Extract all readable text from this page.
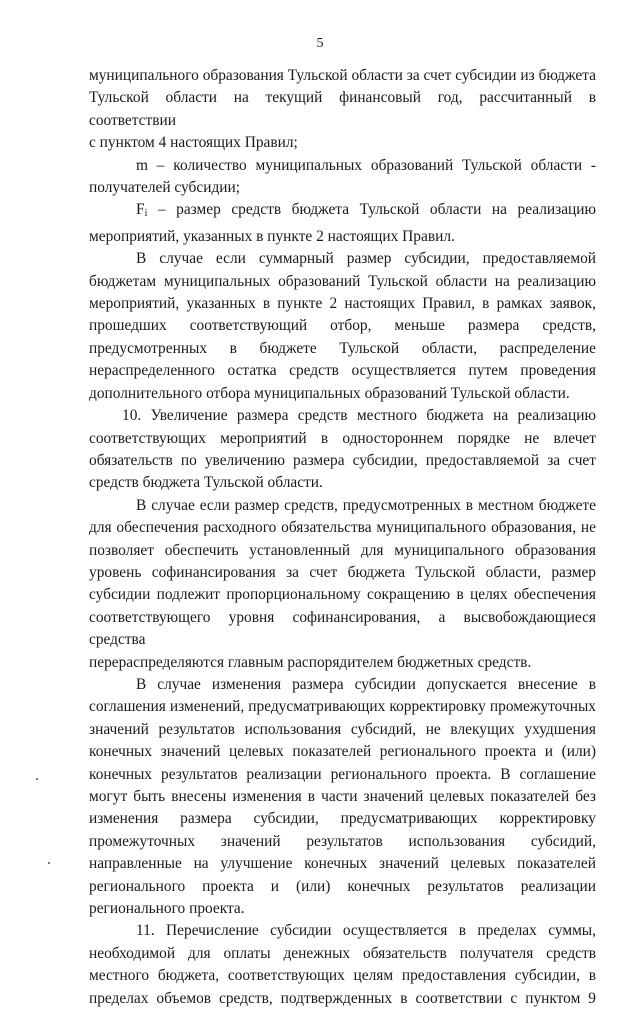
5

муниципального образования Тульской области за счет субсидии из бюджета

Тульской области на текущий финансовый год, рассчитанный в соответствии

с пунктом 4 настоящих Правил;

m – количество муниципальных образований Тульской области -

получателей субсидии;

Fi – размер средств бюджета Тульской области на реализацию

мероприятий, указанных в пункте 2 настоящих Правил.

В случае если суммарный размер субсидии, предоставляемой

бюджетам муниципальных образований Тульской области на реализацию

мероприятий, указанных в пункте 2 настоящих Правил, в рамках заявок,

прошедших соответствующий отбор, меньше размера средств,

предусмотренных в бюджете Тульской области, распределение

нераспределенного остатка средств осуществляется путем проведения

дополнительного отбора муниципальных образований Тульской области.

10. Увеличение размера средств местного бюджета на реализацию

соответствующих мероприятий в одностороннем порядке не влечет

обязательств по увеличению размера субсидии, предоставляемой за счет

средств бюджета Тульской области.

В случае если размер средств, предусмотренных в местном бюджете

для обеспечения расходного обязательства муниципального образования, не

позволяет обеспечить установленный для муниципального образования

уровень софинансирования за счет бюджета Тульской области, размер

субсидии подлежит пропорциональному сокращению в целях обеспечения

соответствующего уровня софинансирования, а высвобождающиеся средства

перераспределяются главным распорядителем бюджетных средств.

В случае изменения размера субсидии допускается внесение в

соглашения изменений, предусматривающих корректировку промежуточных

значений результатов использования субсидий, не влекущих ухудшения

конечных значений целевых показателей регионального проекта и (или)

конечных результатов реализации регионального проекта. В соглашение

могут быть внесены изменения в части значений целевых показателей без

изменения размера субсидии, предусматривающих корректировку

промежуточных значений результатов использования субсидий,

направленные на улучшение конечных значений целевых показателей

регионального проекта и (или) конечных результатов реализации

регионального проекта.

11. Перечисление субсидии осуществляется в пределах суммы,

необходимой для оплаты денежных обязательств получателя средств

местного бюджета, соответствующих целям предоставления субсидии, в

пределах объемов средств, подтвержденных в соответствии с пунктом 9
